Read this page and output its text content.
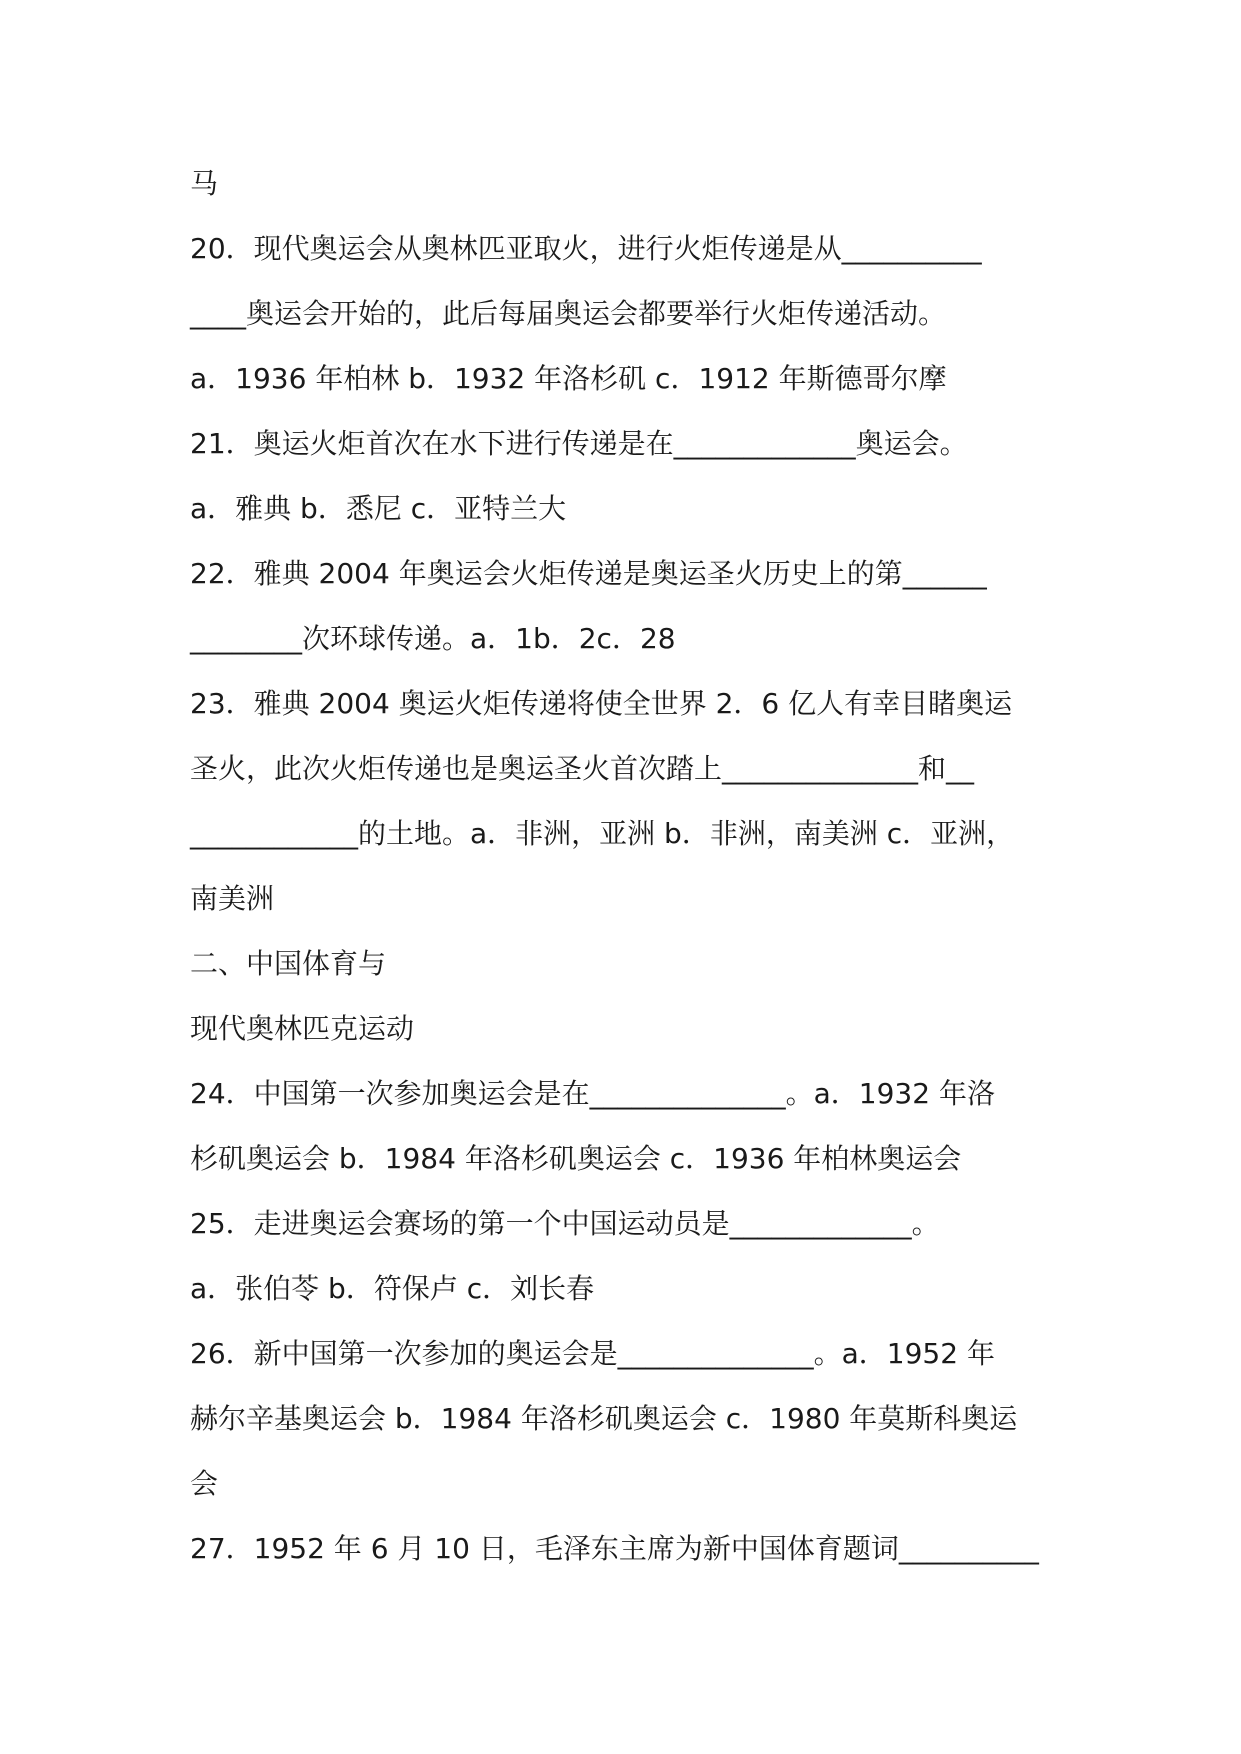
马
20．现代奥运会从奥林匹亚取火，进行火炬传递是从__________
____奥运会开始的，此后每届奥运会都要举行火炬传递活动。
a．1936 年柏林 b．1932 年洛杉矶 c．1912 年斯德哥尔摩
21．奥运火炬首次在水下进行传递是在_____________奥运会。
a．雅典 b．悉尼 c．亚特兰大
22．雅典 2004 年奥运会火炬传递是奥运圣火历史上的第______
________次环球传递。a．1b．2c．28
23．雅典 2004 奥运火炬传递将使全世界 2．6 亿人有幸目睹奥运
圣火，此次火炬传递也是奥运圣火首次踏上______________和__
____________的土地。a．非洲，亚洲 b．非洲，南美洲 c．亚洲，
南美洲
二、中国体育与
现代奥林匹克运动
24．中国第一次参加奥运会是在______________。a．1932 年洛
杉矶奥运会 b．1984 年洛杉矶奥运会 c．1936 年柏林奥运会
25．走进奥运会赛场的第一个中国运动员是_____________。
a．张伯苓 b．符保卢 c．刘长春
26．新中国第一次参加的奥运会是______________。a．1952 年
赫尔辛基奥运会 b．1984 年洛杉矶奥运会 c．1980 年莫斯科奥运
会
27．1952 年 6 月 10 日，毛泽东主席为新中国体育题词__________
